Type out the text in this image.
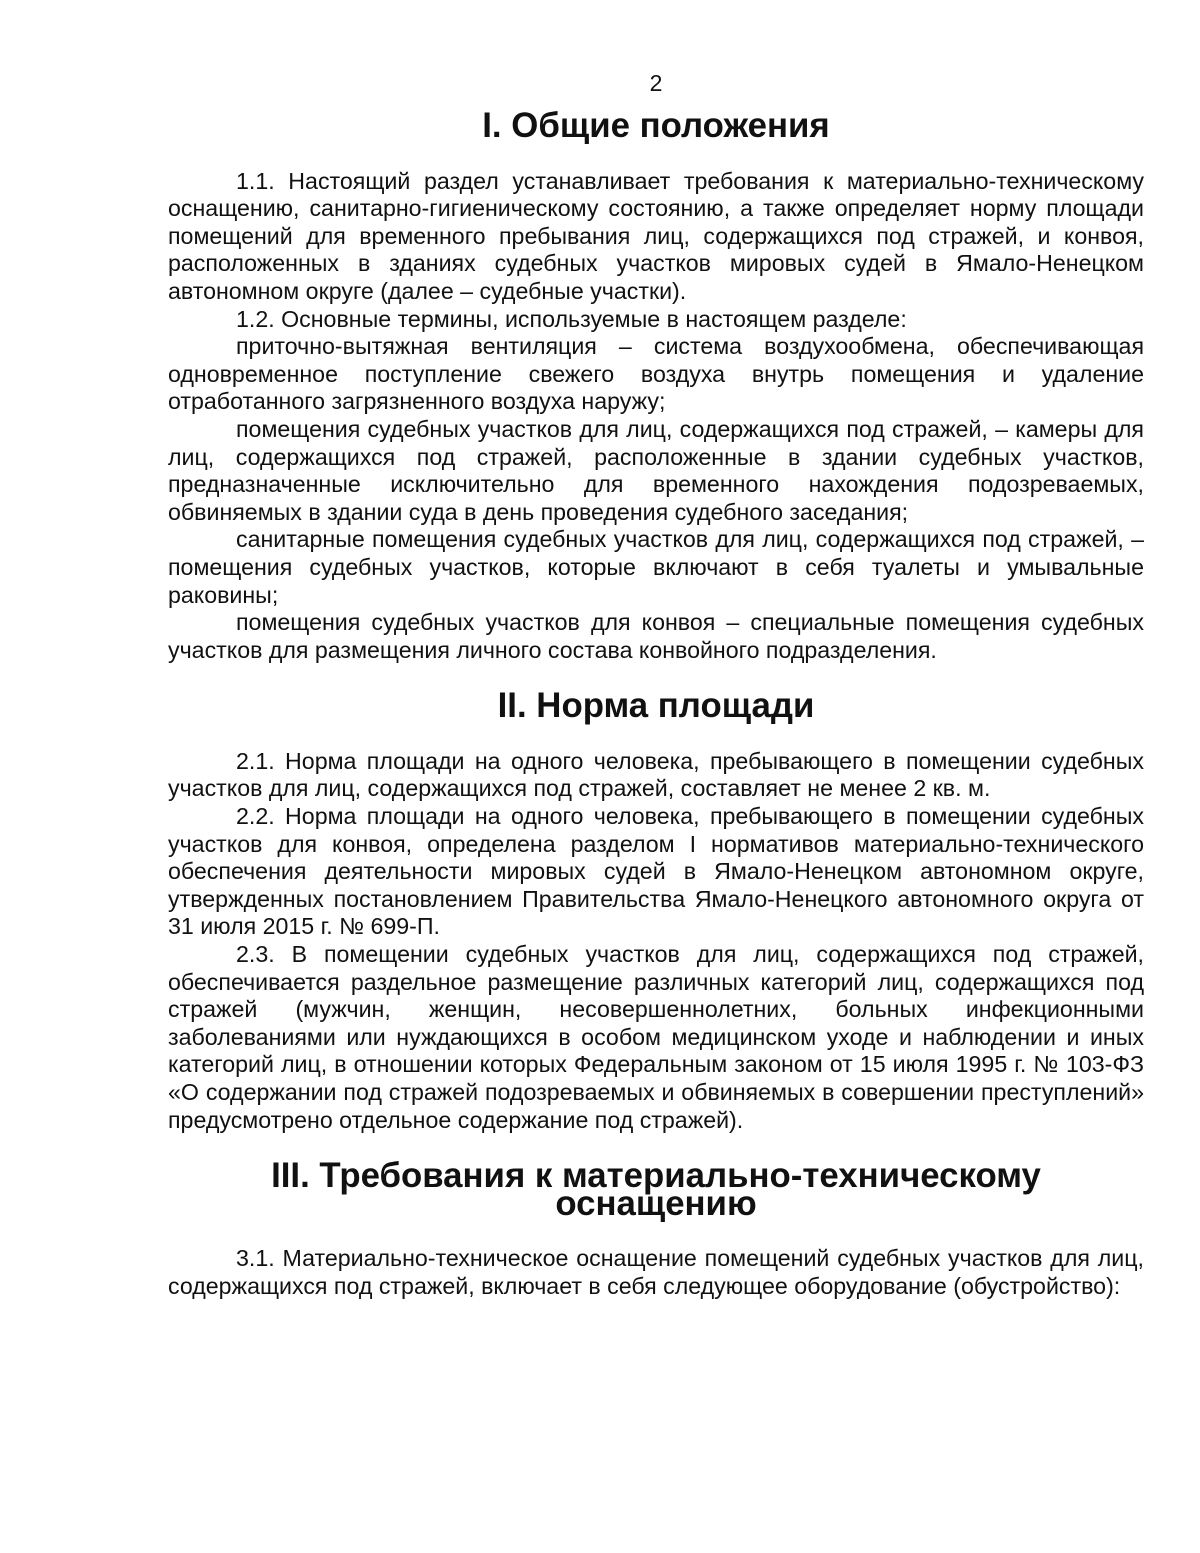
2
I. Общие положения

1.1. Настоящий раздел устанавливает требования к материально-техническому оснащению, санитарно-гигиеническому состоянию, а также определяет норму площади помещений для временного пребывания лиц, содержащихся под стражей, и конвоя, расположенных в зданиях судебных участков мировых судей в Ямало-Ненецком автономном округе (далее – судебные участки).

1.2. Основные термины, используемые в настоящем разделе:

приточно-вытяжная вентиляция – система воздухообмена, обеспечивающая одновременное поступление свежего воздуха внутрь помещения и удаление отработанного загрязненного воздуха наружу;

помещения судебных участков для лиц, содержащихся под стражей, – камеры для лиц, содержащихся под стражей, расположенные в здании судебных участков, предназначенные исключительно для временного нахождения подозреваемых, обвиняемых в здании суда в день проведения судебного заседания;

санитарные помещения судебных участков для лиц, содержащихся под стражей, – помещения судебных участков, которые включают в себя туалеты и умывальные раковины;

помещения судебных участков для конвоя – специальные помещения судебных участков для размещения личного состава конвойного подразделения.

II. Норма площади

2.1. Норма площади на одного человека, пребывающего в помещении судебных участков для лиц, содержащихся под стражей, составляет не менее 2 кв. м.

2.2. Норма площади на одного человека, пребывающего в помещении судебных участков для конвоя, определена разделом I нормативов материально-технического обеспечения деятельности мировых судей в Ямало-Ненецком автономном округе, утвержденных постановлением Правительства Ямало-Ненецкого автономного округа от 31 июля 2015 г. № 699-П.

2.3. В помещении судебных участков для лиц, содержащихся под стражей, обеспечивается раздельное размещение различных категорий лиц, содержащихся под стражей (мужчин, женщин, несовершеннолетних, больных инфекционными заболеваниями или нуждающихся в особом медицинском уходе и наблюдении и иных категорий лиц, в отношении которых Федеральным законом от 15 июля 1995 г. № 103-ФЗ «О содержании под стражей подозреваемых и обвиняемых в совершении преступлений» предусмотрено отдельное содержание под стражей).

III. Требования к материально-техническому оснащению

3.1. Материально-техническое оснащение помещений судебных участков для лиц, содержащихся под стражей, включает в себя следующее оборудование (обустройство):
